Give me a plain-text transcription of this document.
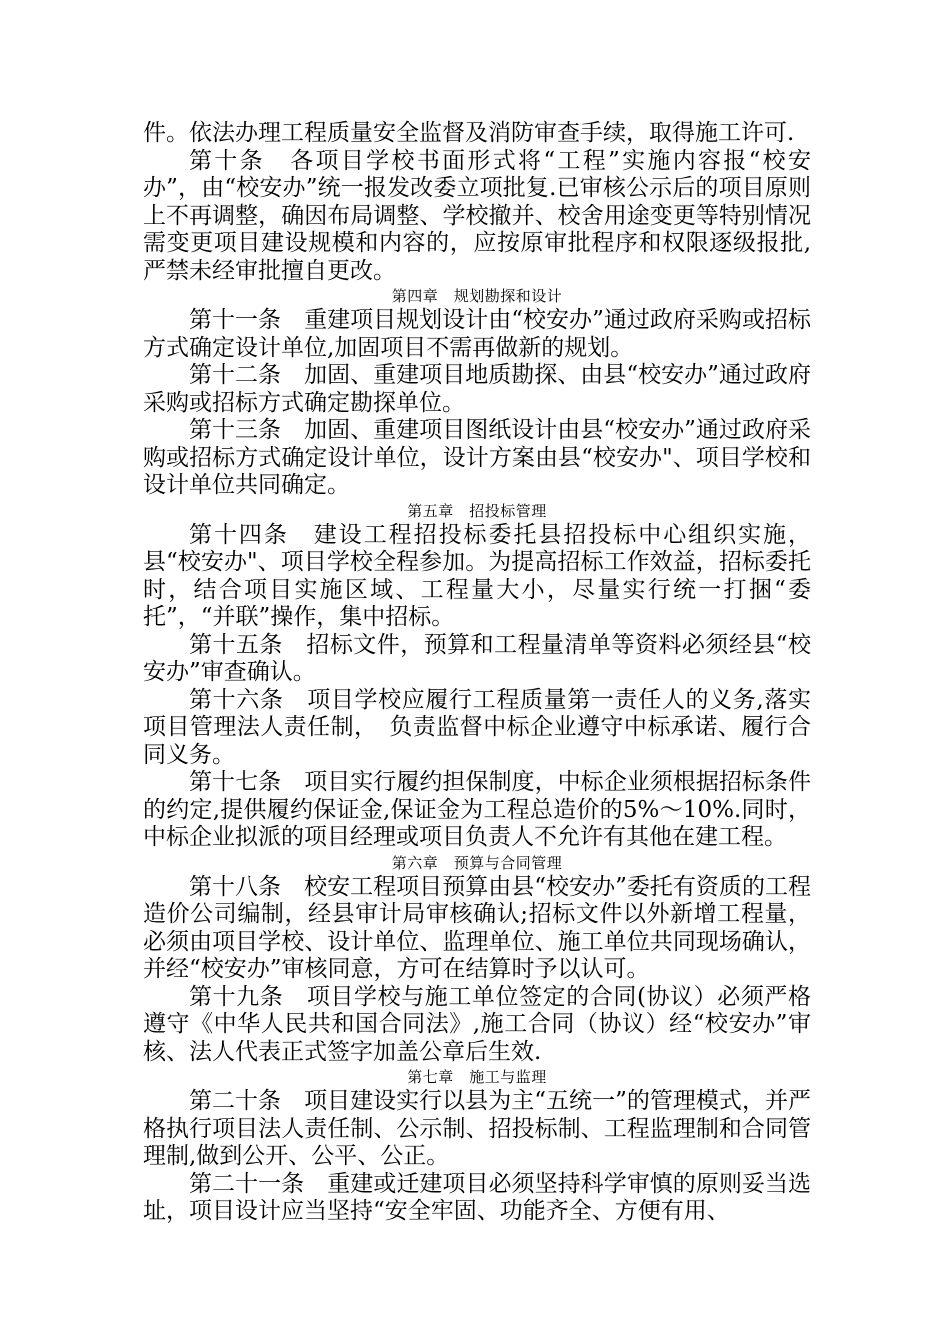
件。依法办理工程质量安全监督及消防审查手续，取得施工许可.

第十条　各项目学校书面形式将“工程”实施内容报“校安办”，由“校安办”统一报发改委立项批复.已审核公示后的项目原则上不再调整，确因布局调整、学校撤并、校舍用途变更等特别情况需变更项目建设规模和内容的，应按原审批程序和权限逐级报批,严禁未经审批擅自更改。

第四章　规划勘探和设计

第十一条　重建项目规划设计由“校安办”通过政府采购或招标方式确定设计单位,加固项目不需再做新的规划。

第十二条　加固、重建项目地质勘探、由县“校安办”通过政府采购或招标方式确定勘探单位。

第十三条　加固、重建项目图纸设计由县“校安办”通过政府采购或招标方式确定设计单位，设计方案由县“校安办"、项目学校和设计单位共同确定。

第五章　招投标管理

第十四条　建设工程招投标委托县招投标中心组织实施，县“校安办"、项目学校全程参加。为提高招标工作效益，招标委托时，结合项目实施区域、工程量大小，尽量实行统一打捆“委托”，“并联”操作，集中招标。

第十五条　招标文件，预算和工程量清单等资料必须经县“校安办”审查确认。

第十六条　项目学校应履行工程质量第一责任人的义务,落实项目管理法人责任制，　负责监督中标企业遵守中标承诺、履行合同义务。

第十七条　项目实行履约担保制度，中标企业须根据招标条件的约定,提供履约保证金,保证金为工程总造价的5%～10%.同时，中标企业拟派的项目经理或项目负责人不允许有其他在建工程。

第六章　预算与合同管理

第十八条　校安工程项目预算由县“校安办”委托有资质的工程造价公司编制，经县审计局审核确认;招标文件以外新增工程量，必须由项目学校、设计单位、监理单位、施工单位共同现场确认，并经“校安办”审核同意，方可在结算时予以认可。

第十九条　项目学校与施工单位签定的合同(协议）必须严格遵守《中华人民共和国合同法》,施工合同（协议）经“校安办”审核、法人代表正式签字加盖公章后生效.

第七章　施工与监理

第二十条　项目建设实行以县为主“五统一”的管理模式，并严格执行项目法人责任制、公示制、招投标制、工程监理制和合同管理制,做到公开、公平、公正。

第二十一条　重建或迁建项目必须坚持科学审慎的原则妥当选址，项目设计应当坚持“安全牢固、功能齐全、方便有用、
